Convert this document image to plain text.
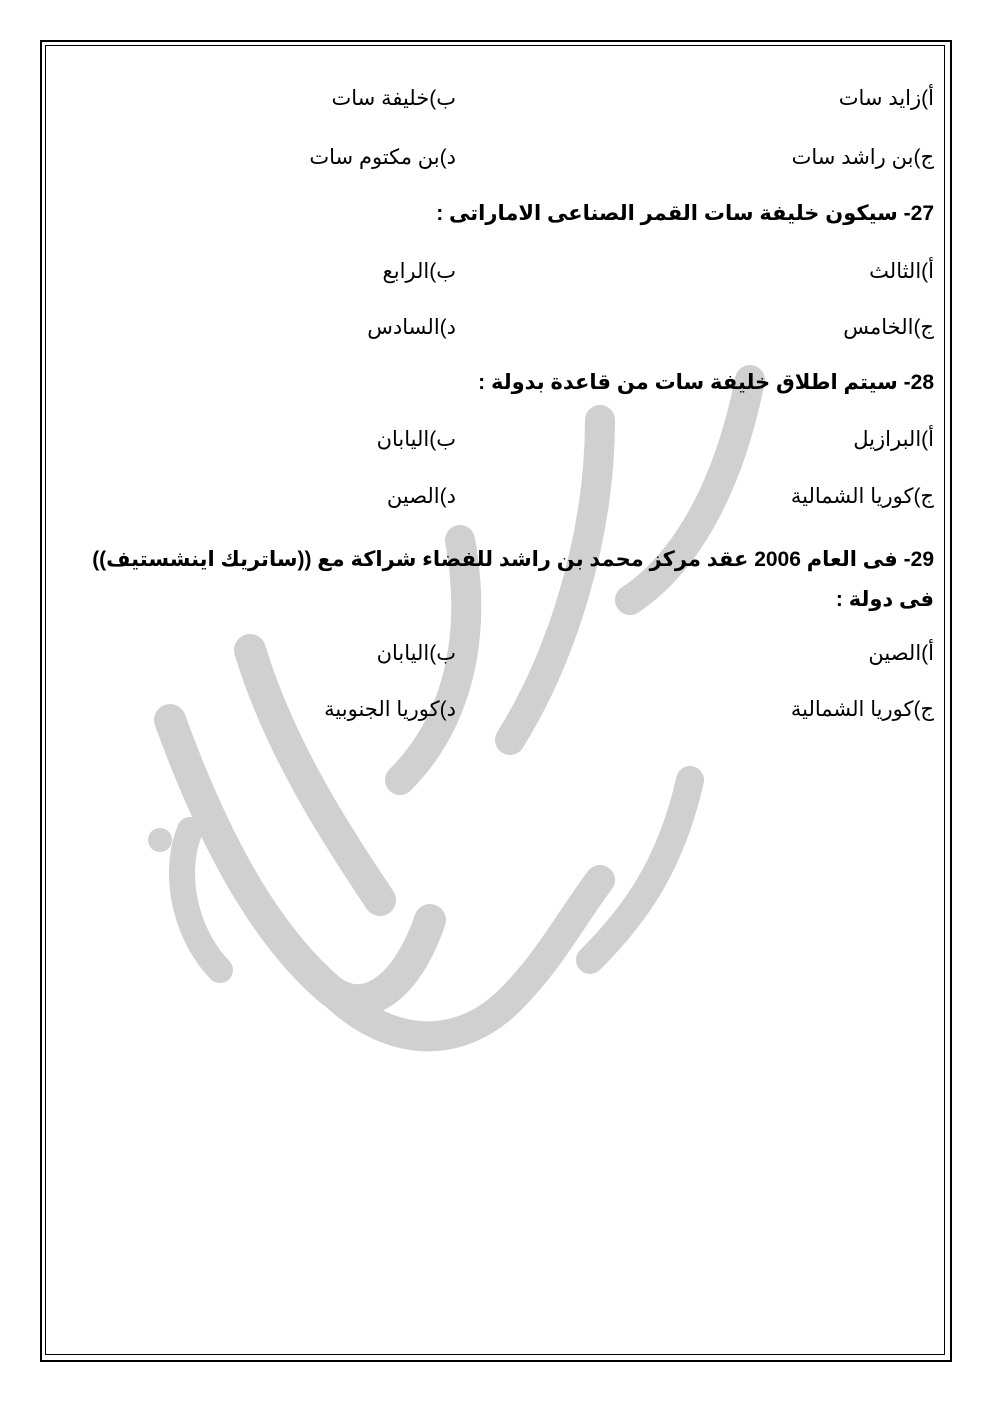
أ)زايد سات
ب)خليفة سات
ج)بن راشد سات
د)بن مكتوم سات
27- سيكون خليفة سات القمر الصناعى الاماراتى :
أ)الثالث
ب)الرابع
ج)الخامس
د)السادس
28- سيتم اطلاق خليفة سات من قاعدة بدولة :
أ)البرازيل
ب)اليابان
ج)كوريا الشمالية
د)الصين
29- فى العام 2006 عقد مركز محمد بن راشد للفضاء شراكة مع ((ساتريك اينشستيف))
فى دولة :
أ)الصين
ب)اليابان
ج)كوريا الشمالية
د)كوريا الجنوبية
